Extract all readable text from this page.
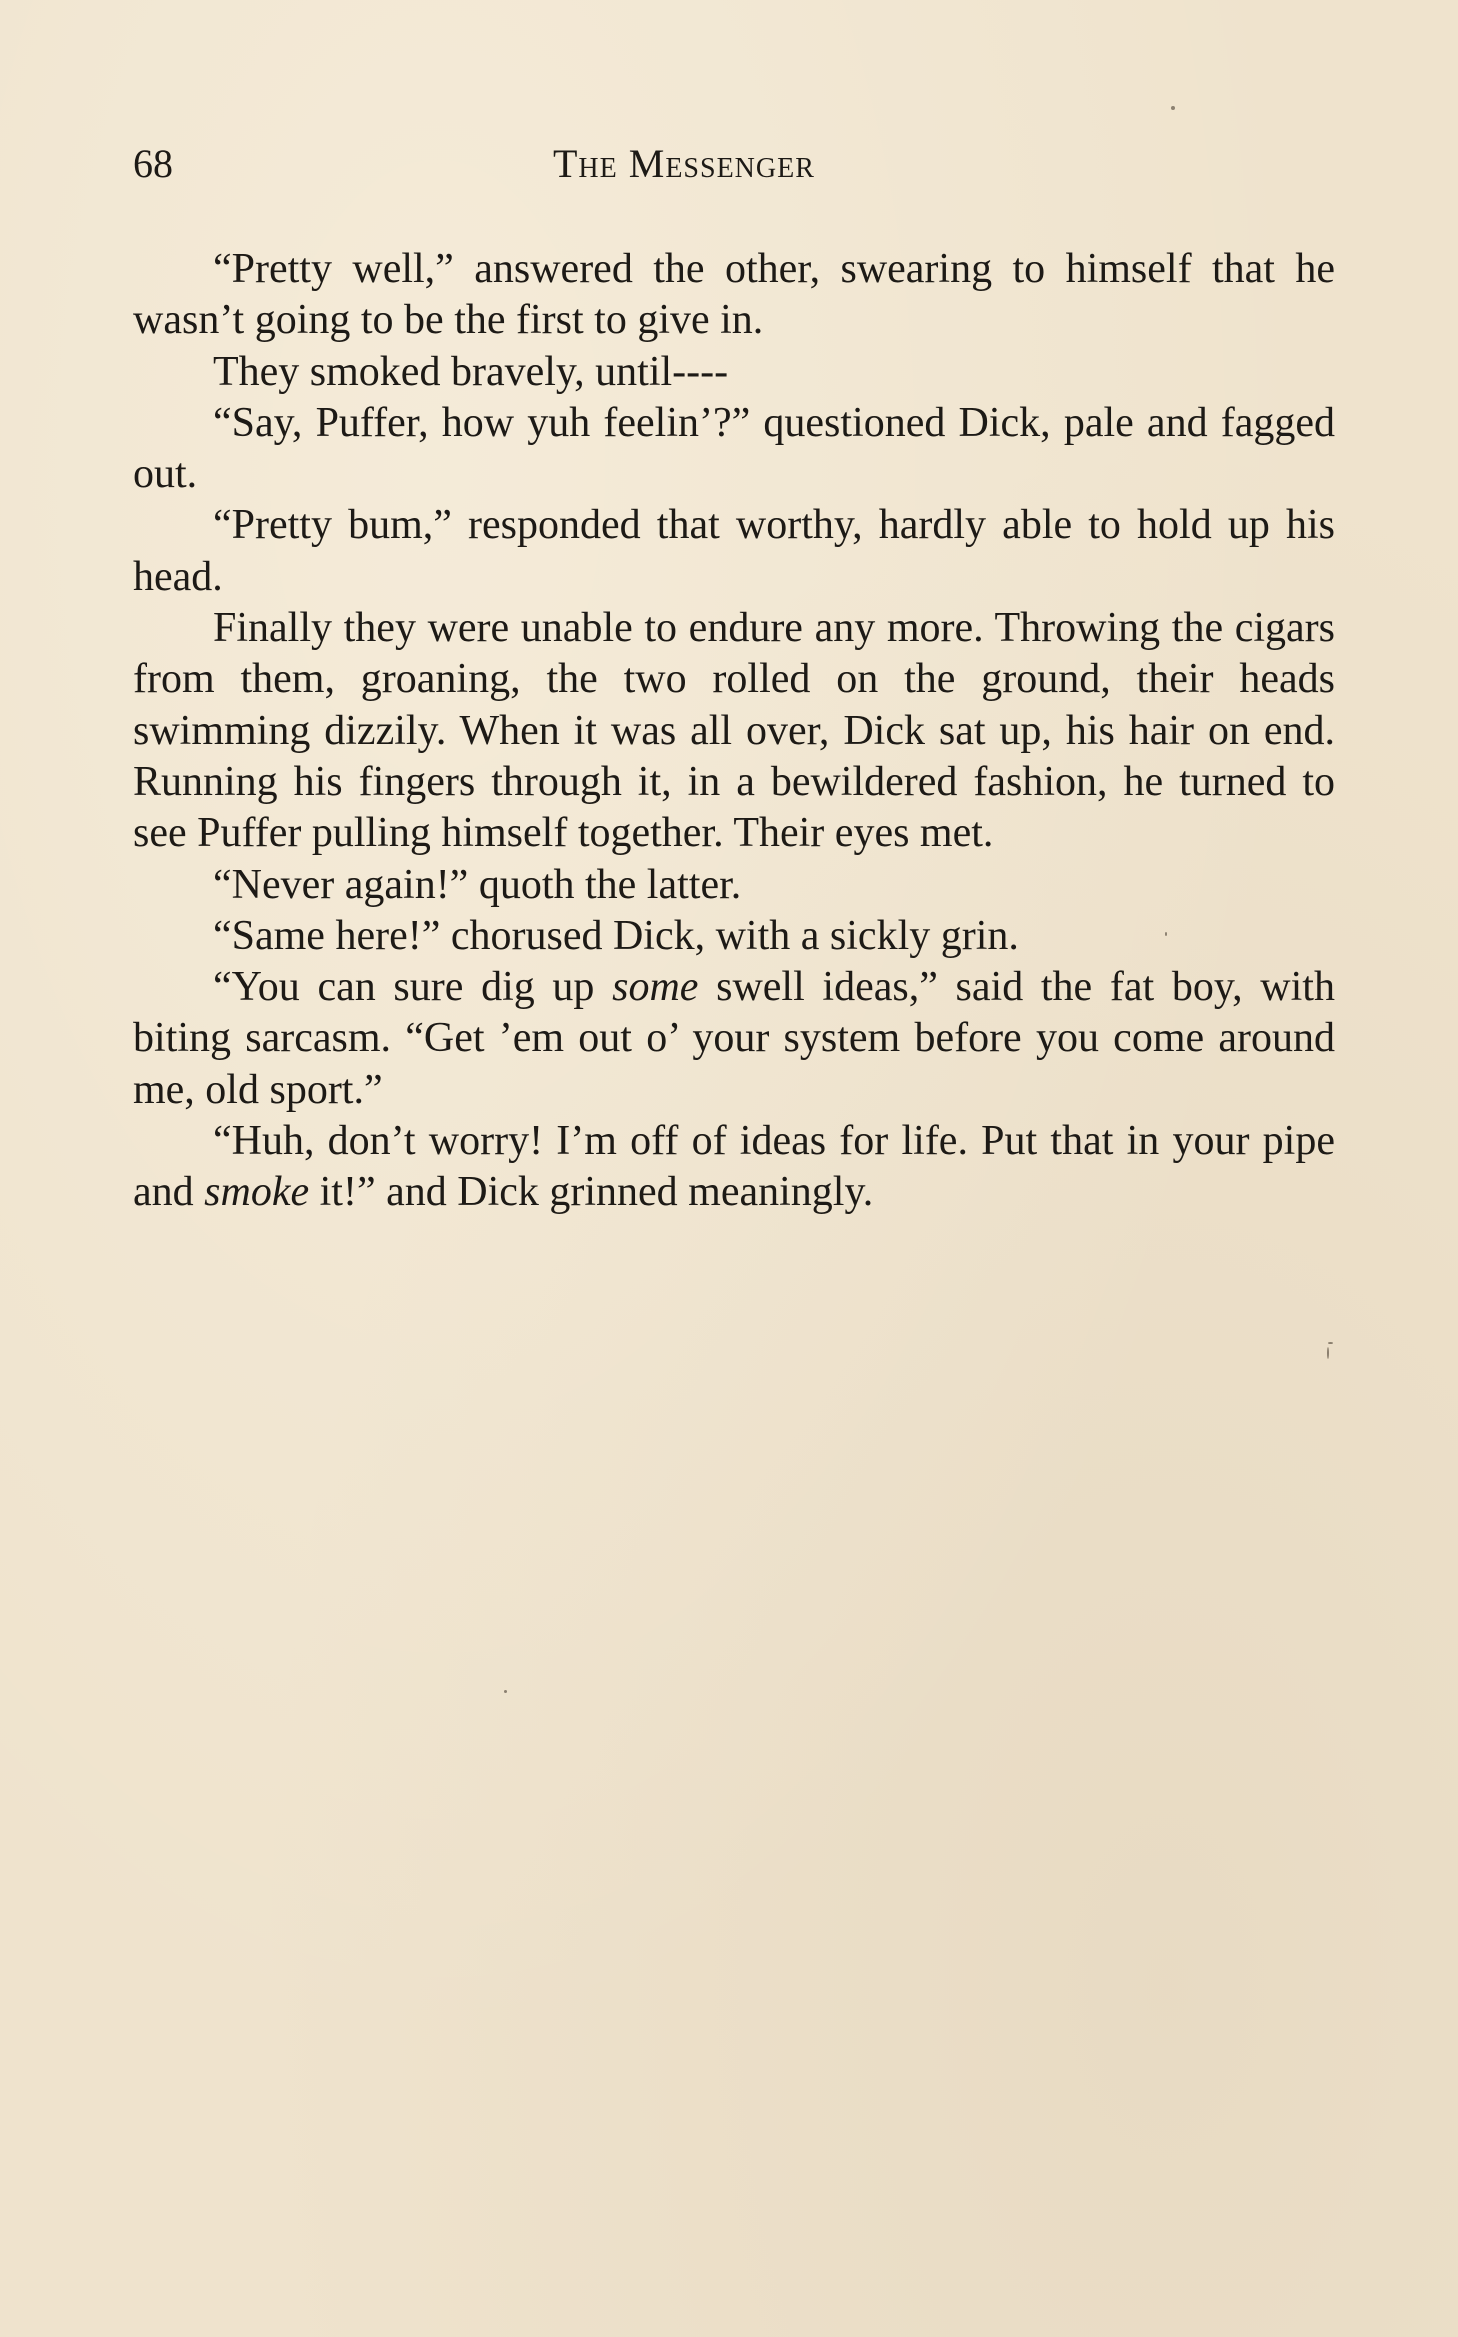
68	The Messenger

“Pretty well,” answered the other, swearing to himself that he wasn’t going to be the first to give in.

They smoked bravely, until----

“Say, Puffer, how yuh feelin’?” questioned Dick, pale and fagged out.

“Pretty bum,” responded that worthy, hardly able to hold up his head.

Finally they were unable to endure any more. Throwing the cigars from them, groaning, the two rolled on the ground, their heads swimming dizzily. When it was all over, Dick sat up, his hair on end. Running his fingers through it, in a bewildered fashion, he turned to see Puffer pulling himself together. Their eyes met.

“Never again!” quoth the latter.

“Same here!” chorused Dick, with a sickly grin.

“You can sure dig up some swell ideas,” said the fat boy, with biting sarcasm. “Get ’em out o’ your system before you come around me, old sport.”

“Huh, don’t worry! I’m off of ideas for life. Put that in your pipe and smoke it!” and Dick grinned meaningly.
